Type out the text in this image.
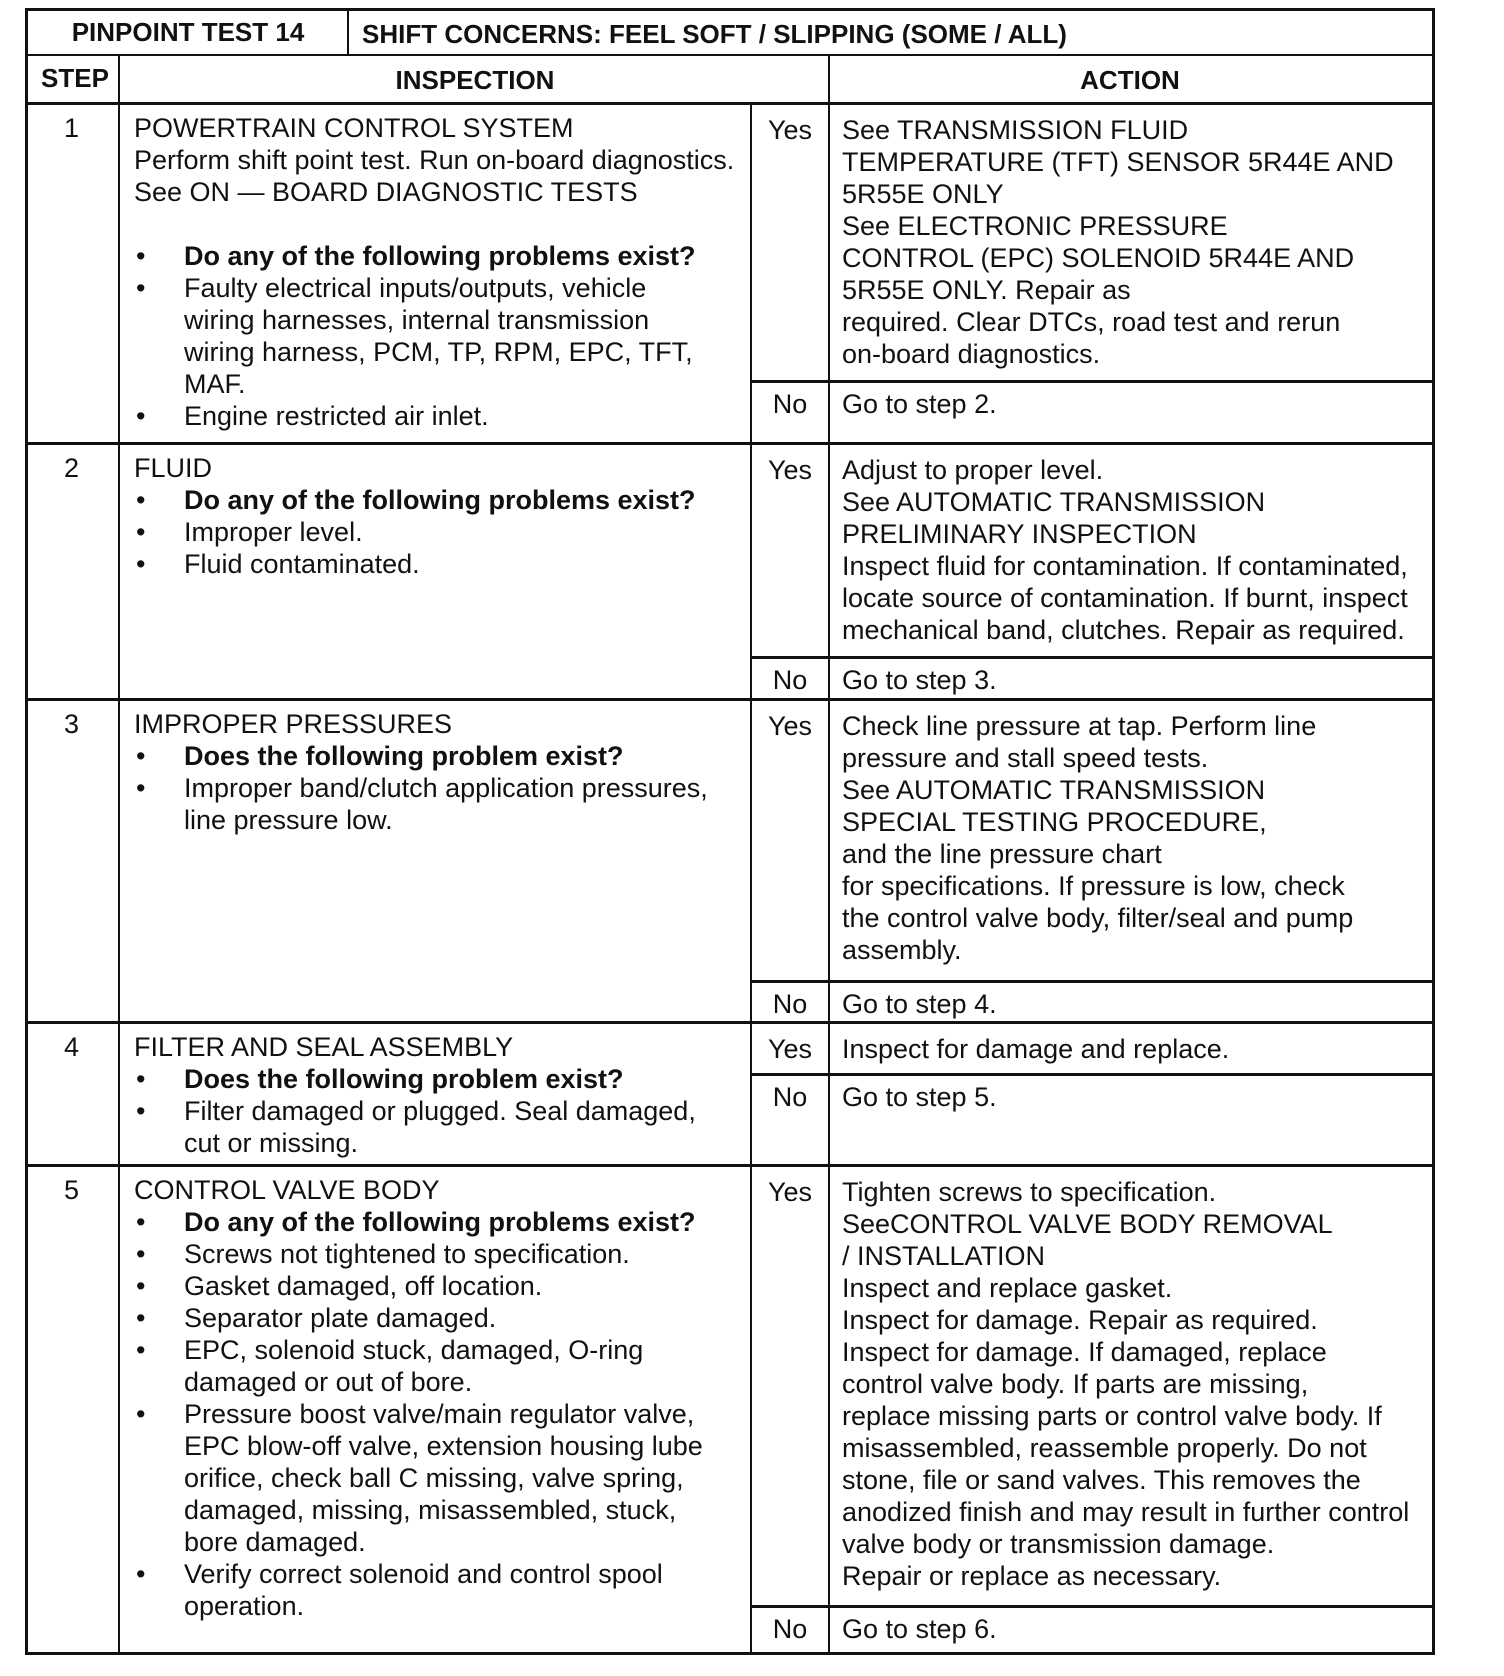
PINPOINT TEST 14	SHIFT CONCERNS: FEEL SOFT / SLIPPING (SOME / ALL)
STEP	INSPECTION	ACTION
1	POWERTRAIN CONTROL SYSTEM
Perform shift point test. Run on-board diagnostics.
See ON — BOARD DIAGNOSTIC TESTS
• Do any of the following problems exist?
• Faulty electrical inputs/outputs, vehicle
wiring harnesses, internal transmission
wiring harness, PCM, TP, RPM, EPC, TFT,
MAF.
• Engine restricted air inlet.
Yes	See TRANSMISSION FLUID
TEMPERATURE (TFT) SENSOR 5R44E AND
5R55E ONLY
See ELECTRONIC PRESSURE
CONTROL (EPC) SOLENOID 5R44E AND
5R55E ONLY. Repair as
required. Clear DTCs, road test and rerun
on-board diagnostics.
No	Go to step 2.
2	FLUID
• Do any of the following problems exist?
• Improper level.
• Fluid contaminated.
Yes	Adjust to proper level.
See AUTOMATIC TRANSMISSION
PRELIMINARY INSPECTION
Inspect fluid for contamination. If contaminated,
locate source of contamination. If burnt, inspect
mechanical band, clutches. Repair as required.
No	Go to step 3.
3	IMPROPER PRESSURES
• Does the following problem exist?
• Improper band/clutch application pressures,
line pressure low.
Yes	Check line pressure at tap. Perform line
pressure and stall speed tests.
See AUTOMATIC TRANSMISSION
SPECIAL TESTING PROCEDURE,
and the line pressure chart
for specifications. If pressure is low, check
the control valve body, filter/seal and pump
assembly.
No	Go to step 4.
4	FILTER AND SEAL ASSEMBLY
• Does the following problem exist?
• Filter damaged or plugged. Seal damaged,
cut or missing.
Yes	Inspect for damage and replace.
No	Go to step 5.
5	CONTROL VALVE BODY
• Do any of the following problems exist?
• Screws not tightened to specification.
• Gasket damaged, off location.
• Separator plate damaged.
• EPC, solenoid stuck, damaged, O-ring
damaged or out of bore.
• Pressure boost valve/main regulator valve,
EPC blow-off valve, extension housing lube
orifice, check ball C missing, valve spring,
damaged, missing, misassembled, stuck,
bore damaged.
• Verify correct solenoid and control spool
operation.
Yes	Tighten screws to specification.
SeeCONTROL VALVE BODY REMOVAL
/ INSTALLATION
Inspect and replace gasket.
Inspect for damage. Repair as required.
Inspect for damage. If damaged, replace
control valve body. If parts are missing,
replace missing parts or control valve body. If
misassembled, reassemble properly. Do not
stone, file or sand valves. This removes the
anodized finish and may result in further control
valve body or transmission damage.
Repair or replace as necessary.
No	Go to step 6.
